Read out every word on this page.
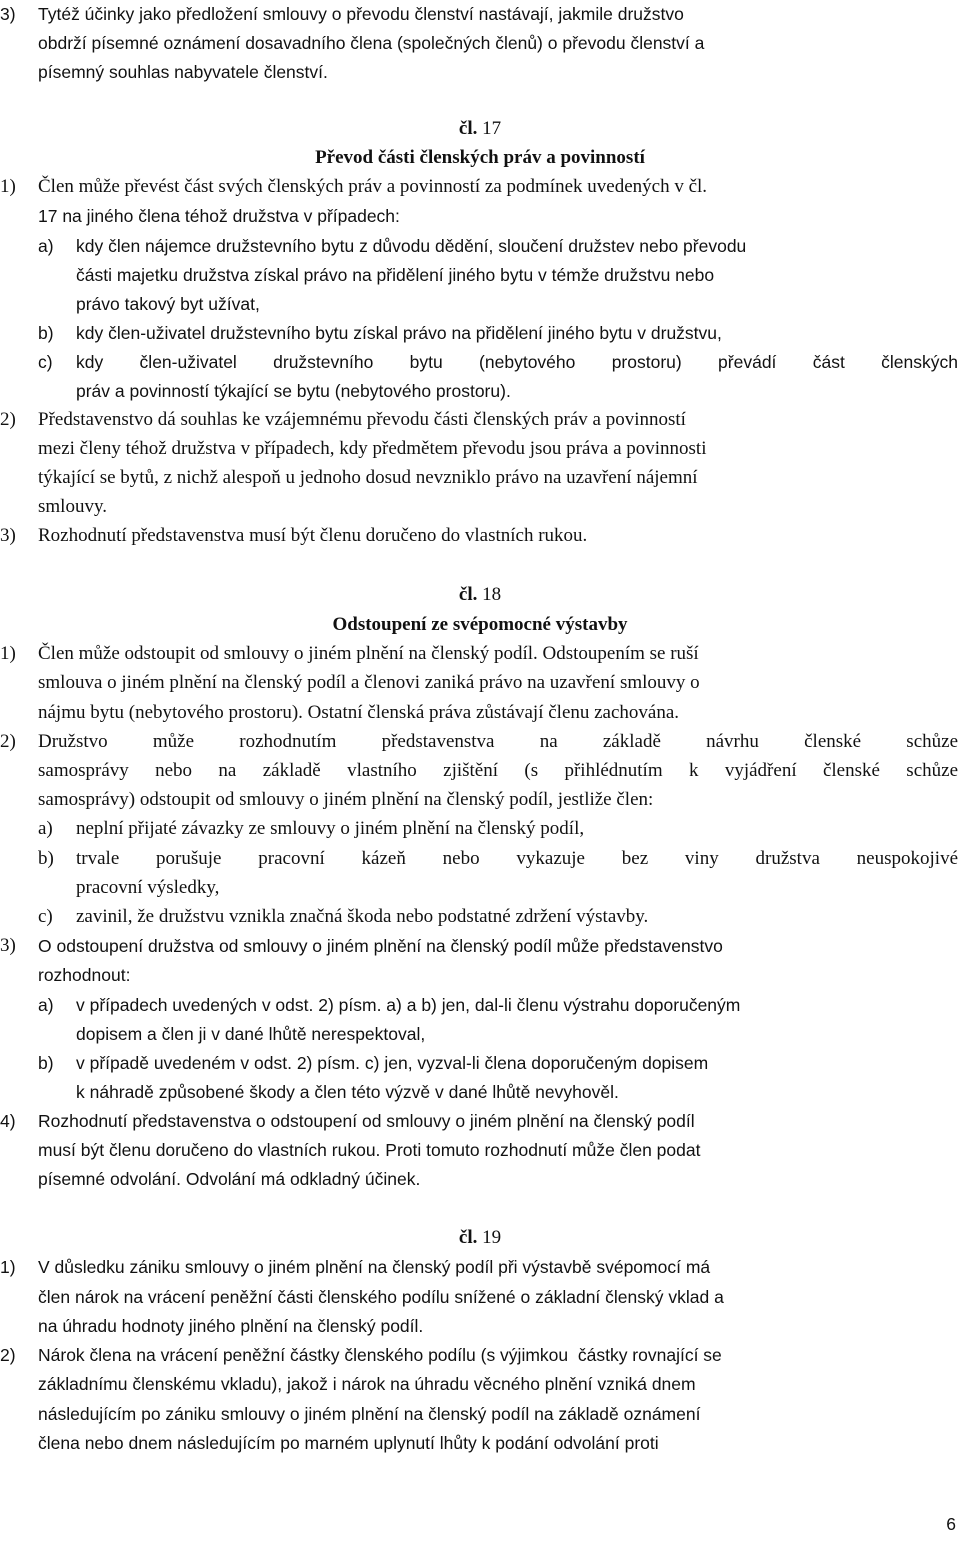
3) Tytéž účinky jako předložení smlouvy o převodu členství nastávají, jakmile družstvo
obdrží písemné oznámení dosavadního člena (společných členů) o převodu členství a
písemný souhlas nabyvatele členství.
čl. 17
Převod části členských práv a povinností
1) Člen může převést část svých členských práv a povinností za podmínek uvedených v čl.
17 na jiného člena téhož družstva v případech:
a) kdy člen nájemce družstevního bytu z důvodu dědění, sloučení družstev nebo převodu
části majetku družstva získal právo na přidělení jiného bytu v témže družstvu nebo
právo takový byt užívat,
b) kdy člen-uživatel družstevního bytu získal právo na přidělení jiného bytu v družstvu,
c) kdy člen-uživatel družstevního bytu (nebytového prostoru) převádí část členských
práv a povinností týkající se bytu (nebytového prostoru).
2) Představenstvo dá souhlas ke vzájemnému převodu části členských práv a povinností
mezi členy téhož družstva v případech, kdy předmětem převodu jsou práva a povinnosti
týkající se bytů, z nichž alespoň u jednoho dosud nevzniklo právo na uzavření nájemní
smlouvy.
3) Rozhodnutí představenstva musí být členu doručeno do vlastních rukou.
čl. 18
Odstoupení ze svépomocné výstavby
1) Člen může odstoupit od smlouvy o jiném plnění na členský podíl. Odstoupením se ruší
smlouva o jiném plnění na členský podíl a členovi zaniká právo na uzavření smlouvy o
nájmu bytu (nebytového prostoru). Ostatní členská práva zůstávají členu zachována.
2) Družstvo může rozhodnutím představenstva na základě návrhu členské schůze
samosprávy nebo na základě vlastního zjištění (s přihlédnutím k vyjádření členské schůze
samosprávy) odstoupit od smlouvy o jiném plnění na členský podíl, jestliže člen:
a) neplní přijaté závazky ze smlouvy o jiném plnění na členský podíl,
b) trvale porušuje pracovní kázeň nebo vykazuje bez viny družstva neuspokojivé
pracovní výsledky,
c) zavinil, že družstvu vznikla značná škoda nebo podstatné zdržení výstavby.
3) O odstoupení družstva od smlouvy o jiném plnění na členský podíl může představenstvo
rozhodnout:
a) v případech uvedených v odst. 2) písm. a) a b) jen, dal-li členu výstrahu doporučeným
dopisem a člen ji v dané lhůtě nerespektoval,
b) v případě uvedeném v odst. 2) písm. c) jen, vyzval-li člena doporučeným dopisem
k náhradě způsobené škody a člen této výzvě v dané lhůtě nevyhověl.
4) Rozhodnutí představenstva o odstoupení od smlouvy o jiném plnění na členský podíl
musí být členu doručeno do vlastních rukou. Proti tomuto rozhodnutí může člen podat
písemné odvolání. Odvolání má odkladný účinek.
čl. 19
1) V důsledku zániku smlouvy o jiném plnění na členský podíl při výstavbě svépomocí má
člen nárok na vrácení peněžní části členského podílu snížené o základní členský vklad a
na úhradu hodnoty jiného plnění na členský podíl.
2) Nárok člena na vrácení peněžní částky členského podílu (s výjimkou  částky rovnající se
základnímu členskému vkladu), jakož i nárok na úhradu věcného plnění vzniká dnem
následujícím po zániku smlouvy o jiném plnění na členský podíl na základě oznámení
člena nebo dnem následujícím po marném uplynutí lhůty k podání odvolání proti
6
